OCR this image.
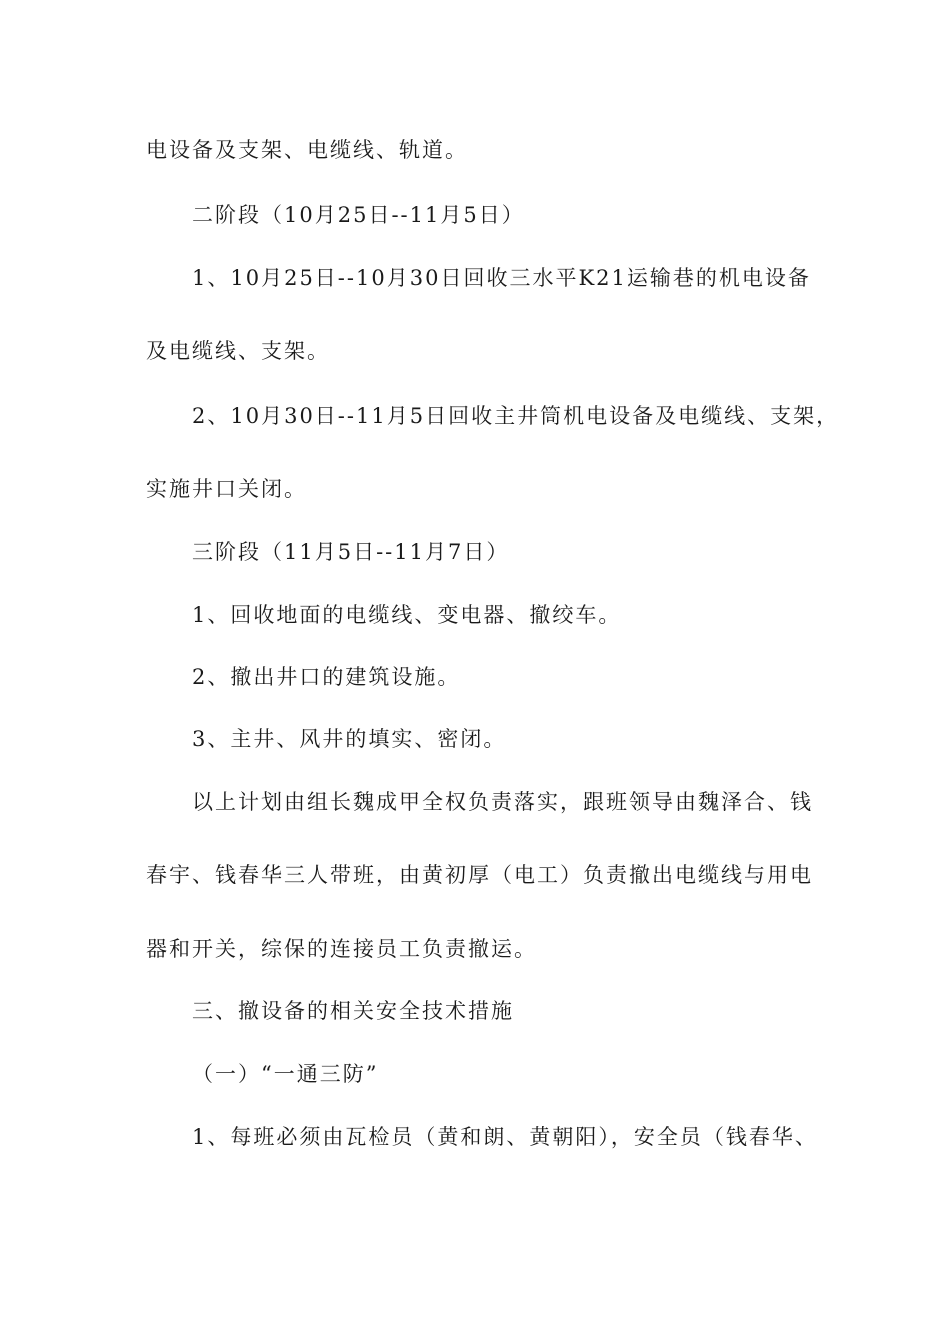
电设备及支架、电缆线、轨道。
二阶段（10月25日--11月5日）
1、10月25日--10月30日回收三水平K21运输巷的机电设备
及电缆线、支架。
2、10月30日--11月5日回收主井筒机电设备及电缆线、支架，
实施井口关闭。
三阶段（11月5日--11月7日）
1、回收地面的电缆线、变电器、撤绞车。
2、撤出井口的建筑设施。
3、主井、风井的填实、密闭。
以上计划由组长魏成甲全权负责落实，跟班领导由魏泽合、钱
春宇、钱春华三人带班，由黄初厚（电工）负责撤出电缆线与用电
器和开关，综保的连接员工负责撤运。
三、撤设备的相关安全技术措施
（一）“一通三防”
1、每班必须由瓦检员（黄和朗、黄朝阳），安全员（钱春华、
